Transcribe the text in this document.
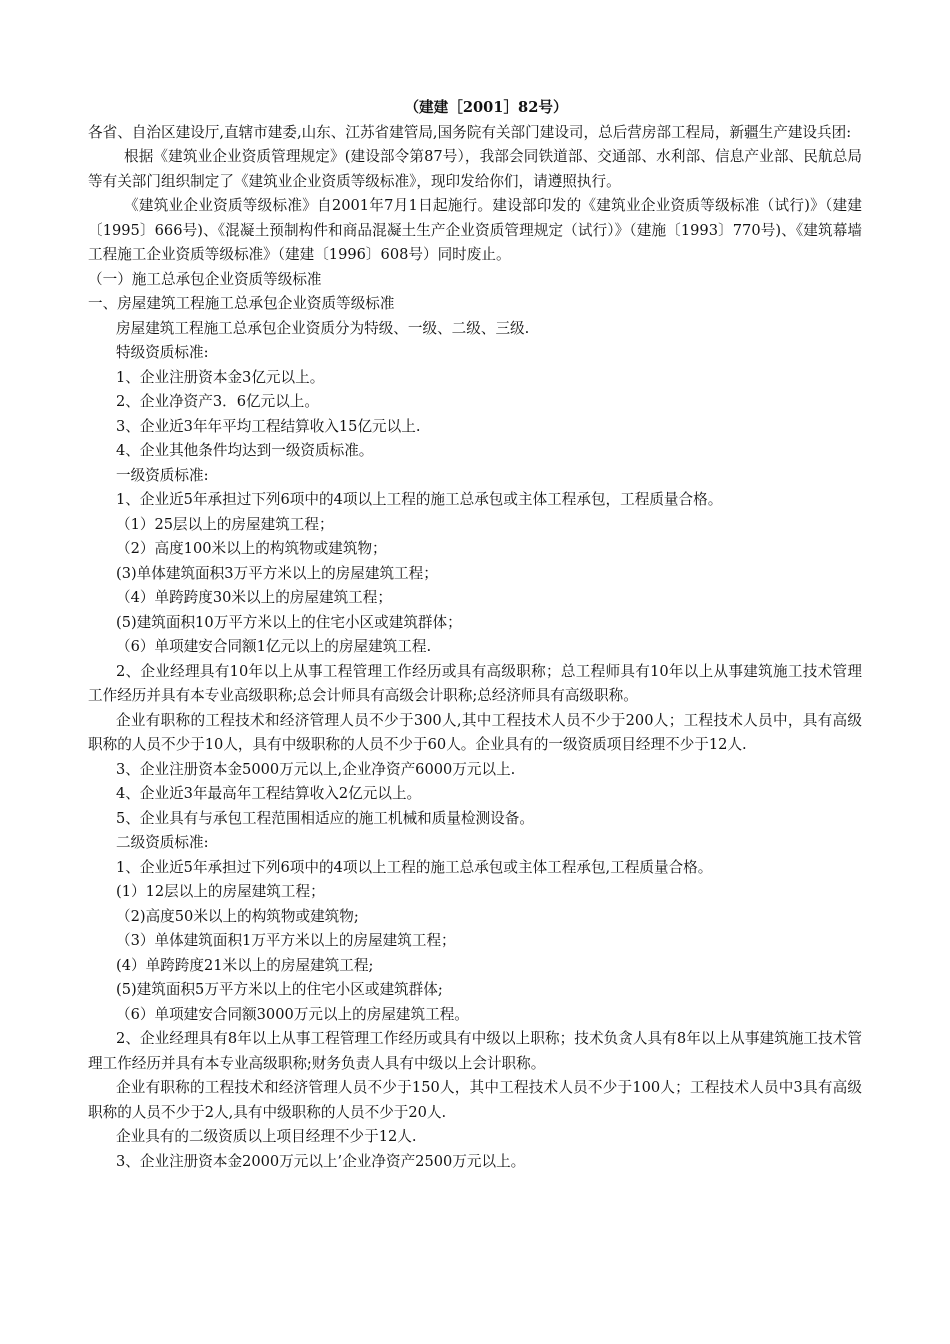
（建建［2001］82号）

各省、自治区建设厅,直辖市建委,山东、江苏省建管局,国务院有关部门建设司，总后营房部工程局，新疆生产建设兵团:

根据《建筑业企业资质管理规定》(建设部令第87号），我部会同铁道部、交通部、水利部、信息产业部、民航总局等有关部门组织制定了《建筑业企业资质等级标准》，现印发给你们，请遵照执行。

《建筑业企业资质等级标准》自2001年7月1日起施行。建设部印发的《建筑业企业资质等级标准（试行)》（建建〔1995〕666号)、《混凝土预制构件和商品混凝土生产企业资质管理规定（试行）》（建施〔1993〕770号)、《建筑幕墙工程施工企业资质等级标准》（建建〔1996〕608号）同时废止。

（一）施工总承包企业资质等级标准

一、房屋建筑工程施工总承包企业资质等级标准

房屋建筑工程施工总承包企业资质分为特级、一级、二级、三级.

特级资质标准:

1、企业注册资本金3亿元以上。

2、企业净资产3．6亿元以上。

3、企业近3年年平均工程结算收入15亿元以上.

4、企业其他条件均达到一级资质标准。

一级资质标准:

1、企业近5年承担过下列6项中的4项以上工程的施工总承包或主体工程承包，工程质量合格。

（1）25层以上的房屋建筑工程；

（2）高度100米以上的构筑物或建筑物；

(3)单体建筑面积3万平方米以上的房屋建筑工程；

（4）单跨跨度30米以上的房屋建筑工程；

(5)建筑面积10万平方米以上的住宅小区或建筑群体；

（6）单项建安合同额1亿元以上的房屋建筑工程.

2、企业经理具有10年以上从事工程管理工作经历或具有高级职称；总工程师具有10年以上从事建筑施工技术管理工作经历并具有本专业高级职称;总会计师具有高级会计职称;总经济师具有高级职称。

企业有职称的工程技术和经济管理人员不少于300人,其中工程技术人员不少于200人；工程技术人员中，具有高级职称的人员不少于10人，具有中级职称的人员不少于60人。企业具有的一级资质项目经理不少于12人.

3、企业注册资本金5000万元以上,企业净资产6000万元以上.

4、企业近3年最高年工程结算收入2亿元以上。

5、企业具有与承包工程范围相适应的施工机械和质量检测设备。

二级资质标准:

1、企业近5年承担过下列6项中的4项以上工程的施工总承包或主体工程承包,工程质量合格。

(1）12层以上的房屋建筑工程；

（2)高度50米以上的构筑物或建筑物;

（3）单体建筑面积1万平方米以上的房屋建筑工程；

(4）单跨跨度21米以上的房屋建筑工程;

(5)建筑面积5万平方米以上的住宅小区或建筑群体;

（6）单项建安合同额3000万元以上的房屋建筑工程。

2、企业经理具有8年以上从事工程管理工作经历或具有中级以上职称；技术负贪人具有8年以上从事建筑施工技术管理工作经历并具有本专业高级职称;财务负责人具有中级以上会计职称。

企业有职称的工程技术和经济管理人员不少于150人，其中工程技术人员不少于100人；工程技术人员中3具有高级职称的人员不少于2人,具有中级职称的人员不少于20人.

企业具有的二级资质以上项目经理不少于12人.

3、企业注册资本金2000万元以上’企业净资产2500万元以上。
